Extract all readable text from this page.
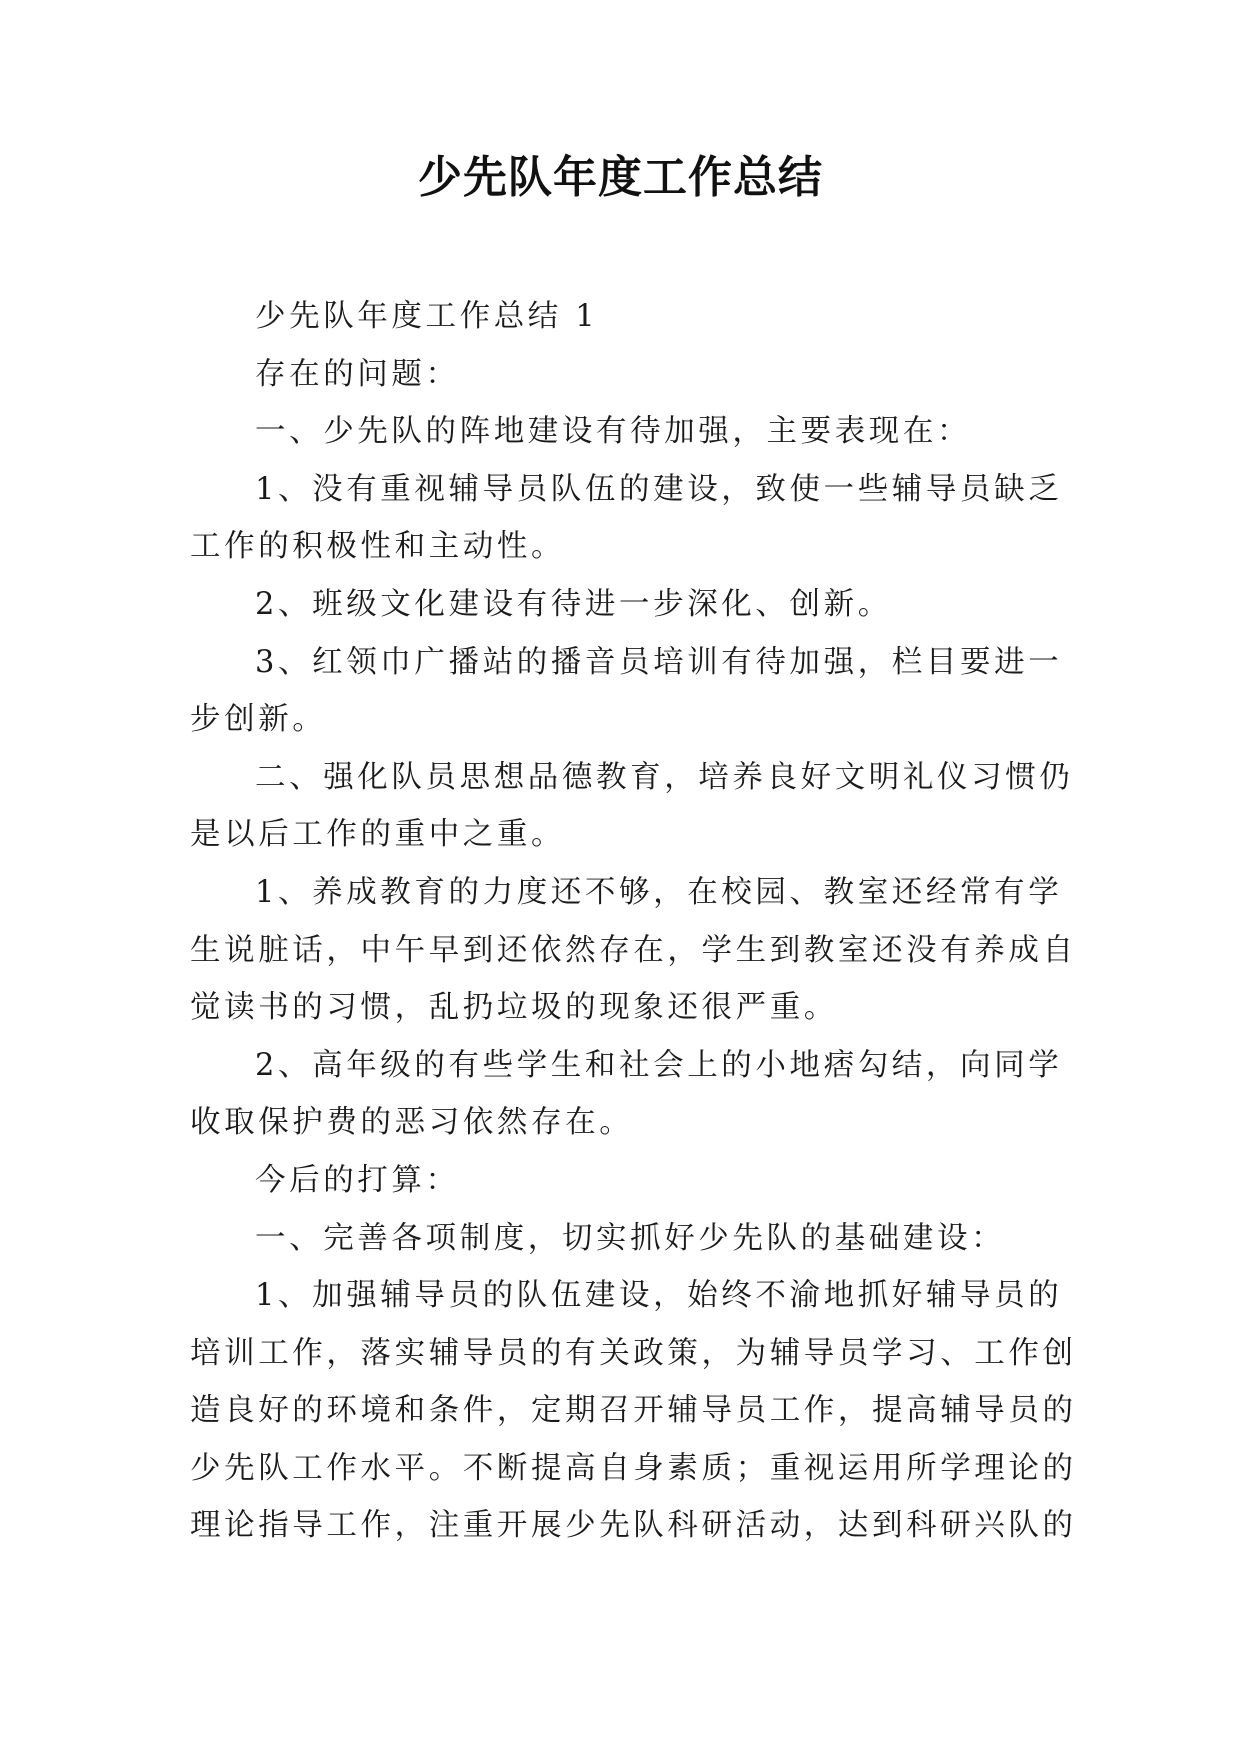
少先队年度工作总结
少先队年度工作总结 1
存在的问题：
一、少先队的阵地建设有待加强，主要表现在：
1、没有重视辅导员队伍的建设，致使一些辅导员缺乏
工作的积极性和主动性。
2、班级文化建设有待进一步深化、创新。
3、红领巾广播站的播音员培训有待加强，栏目要进一
步创新。
二、强化队员思想品德教育，培养良好文明礼仪习惯仍
是以后工作的重中之重。
1、养成教育的力度还不够，在校园、教室还经常有学
生说脏话，中午早到还依然存在，学生到教室还没有养成自
觉读书的习惯，乱扔垃圾的现象还很严重。
2、高年级的有些学生和社会上的小地痞勾结，向同学
收取保护费的恶习依然存在。
今后的打算：
一、完善各项制度，切实抓好少先队的基础建设：
1、加强辅导员的队伍建设，始终不渝地抓好辅导员的
培训工作，落实辅导员的有关政策，为辅导员学习、工作创
造良好的环境和条件，定期召开辅导员工作，提高辅导员的
少先队工作水平。不断提高自身素质；重视运用所学理论的
理论指导工作，注重开展少先队科研活动，达到科研兴队的
